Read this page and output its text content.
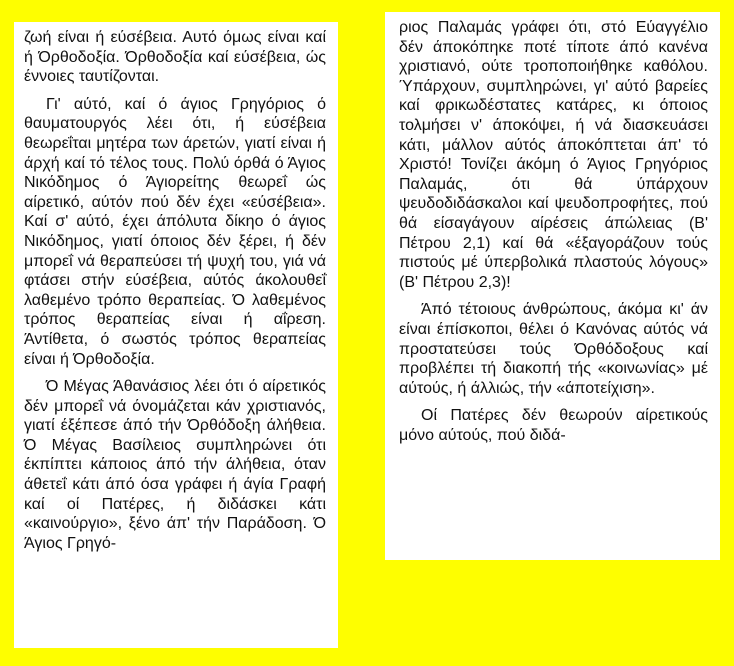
ζωή είναι ή εύσέβεια. Αυτό όμως είναι καί ή Όρθοδοξία. Όρθοδοξία καί εύσέβεια, ώς έννοιες ταυτίζονται.

Γι' αύτό, καί ό άγιος Γρηγόριος ό θαυματουργός λέει ότι, ή εύσέβεια θεωρεΐται μητέρα των άρετών, γιατί είναι ή άρχή καί τό τέλος τους. Πολύ όρθά ό Άγιος Νικόδημος ό Άγιορείτης θεωρεΐ ώς αίρετικό, αύτόν πού δέν έχει «εύσέβεια». Καί σ' αύτό, έχει άπόλυτα δίκηο ό άγιος Νικόδημος, γιατί όποιος δέν ξέρει, ή δέν μπορεΐ νά θεραπεύσει τή ψυχή του, γιά νά φτάσει στήν εύσέβεια, αύτός άκολουθεΐ λαθεμένο τρόπο θεραπείας. Ό λαθεμένος τρόπος θεραπείας είναι ή αΐρεση. Άντίθετα, ό σωστός τρόπος θεραπείας είναι ή Όρθοδοξία.

Ό Μέγας Άθανάσιος λέει ότι ό αίρετικός δέν μπορεΐ νά όνομάζεται κάν χριστιανός, γιατί έξέπεσε άπό τήν Όρθόδοξη άλήθεια. Ό Μέγας Βασίλειος συμπληρώνει ότι έκπίπτει κάποιος άπό τήν άλήθεια, όταν άθετεΐ κάτι άπό όσα γράφει ή άγία Γραφή καί οί Πατέρες, ή διδάσκει κάτι «καινούργιο», ξένο άπ' τήν Παράδοση. Ό Άγιος Γρηγό-

ριος Παλαμάς γράφει ότι, στό Εύαγγέλιο δέν άποκόπηκε ποτέ τίποτε άπό κανένα χριστιανό, ούτε τροποποιήθηκε καθόλου. Ύπάρχουν, συμπληρώνει, γι' αύτό βαρείες καί φρικωδέστατες κατάρες, κι όποιος τολμήσει ν' άποκόψει, ή νά διασκευάσει κάτι, μάλλον αύτός άποκόπτεται άπ' τό Χριστό! Τονίζει άκόμη ό Άγιος Γρηγόριος Παλαμάς, ότι θά ύπάρχουν ψευδοδιδάσκαλοι καί ψευδοπροφήτες, πού θά είσαγάγουν αίρέσεις άπώλειας (Β' Πέτρου 2,1) καί θά «έξαγοράζουν τούς πιστούς μέ ύπερβολικά πλαστούς λόγους» (Β' Πέτρου 2,3)!

Άπό τέτοιους άνθρώπους, άκόμα κι' άν είναι έπίσκοποι, θέλει ό Κανόνας αύτός νά προστατεύσει τούς Όρθόδοξους καί προβλέπει τή διακοπή τής «κοινωνίας» μέ αύτούς, ή άλλιώς, τήν «άποτείχιση».

Οί Πατέρες δέν θεωρούν αίρετικούς μόνο αύτούς, πού διδά-
